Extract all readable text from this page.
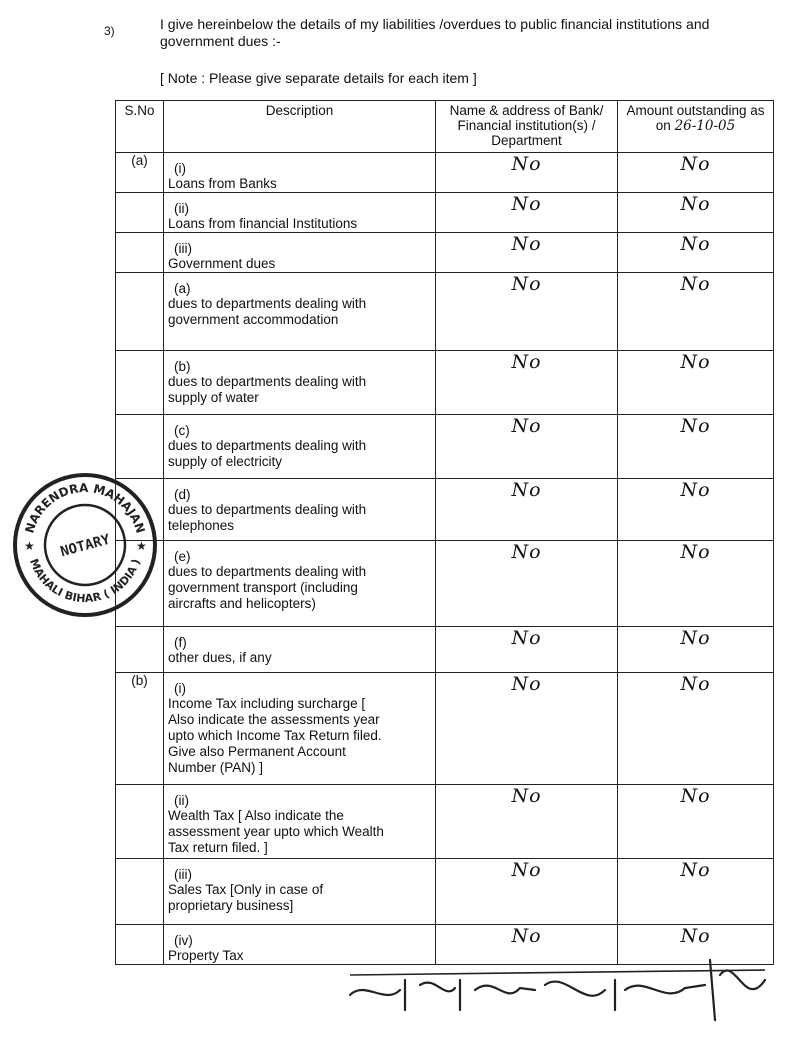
3)	I give hereinbelow the details of my liabilities /overdues to public financial institutions and government dues :-
[ Note : Please give separate details for each item ]
S.No	Description	Name & address of Bank/ Financial institution(s) / Department	Amount outstanding as on 26-10-05
(a)	(i)Loans from Banks	No	No

	(ii)Loans from financial Institutions	No	No

	(iii)Government dues	No	No

	(a)dues to departments dealing with government accommodation	No	No

	(b)dues to departments dealing with supply of water	No	No

	(c)dues to departments dealing with supply of electricity	No	No

	(d)dues to departments dealing with telephones	No	No

	(e)dues to departments dealing with government transport (including aircrafts and helicopters)	No	No

	(f)other dues, if any	No	No
(b)	(i)Income Tax including surcharge [ Also indicate the assessments year upto which Income Tax Return filed. Give also Permanent Account Number (PAN) ]	No	No

	(ii)Wealth Tax [ Also indicate the assessment year upto which Wealth Tax return filed. ]	No	No

	(iii)Sales Tax [Only in case of proprietary business]	No	No

	(iv)Property Tax	No	No
NARENDRA MAHAJAN
MAHALI BIHAR ( INDIA )
NOTARY
★	★
